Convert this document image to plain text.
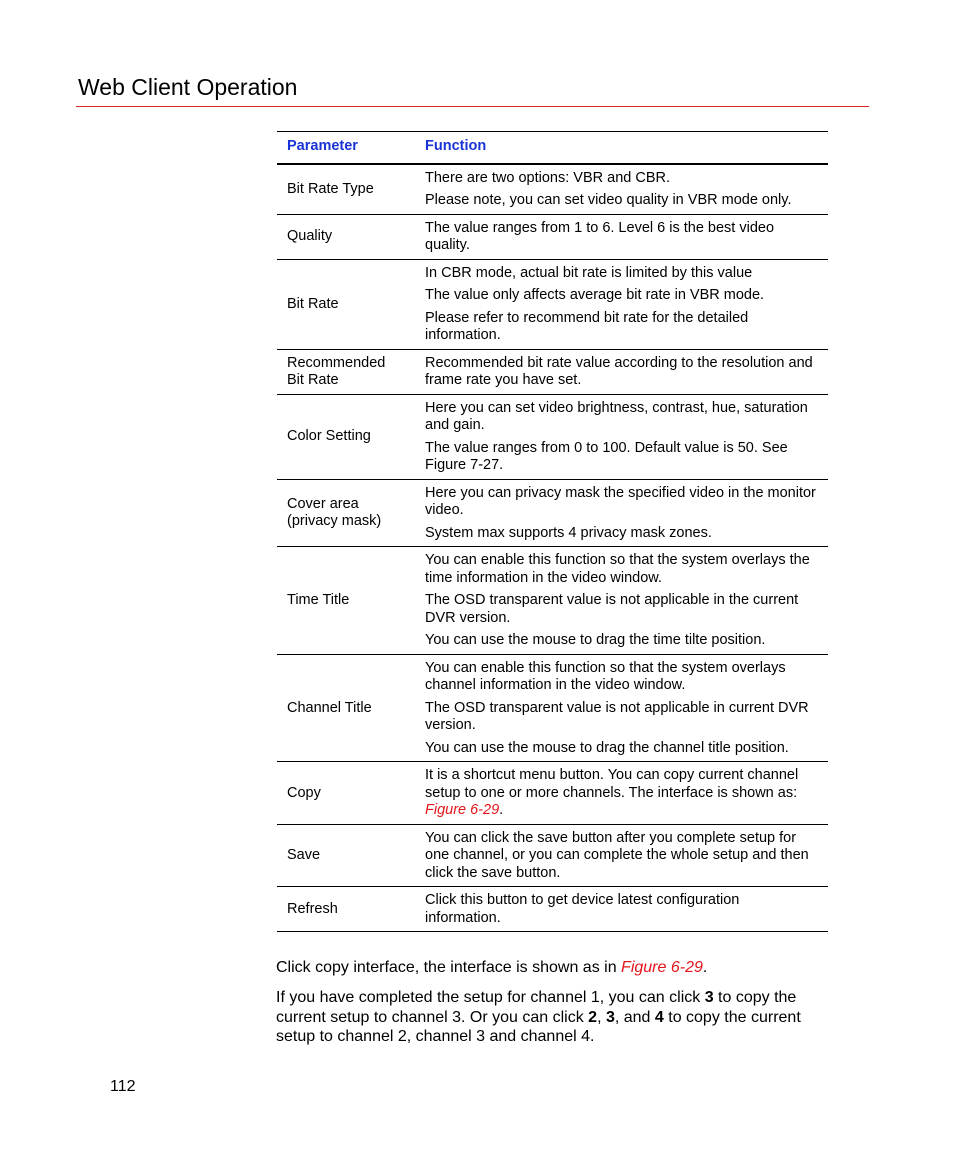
Web Client Operation
Parameter	Function
Bit Rate Type	There are two options: VBR and CBR.

Please note, you can set video quality in VBR mode only.

Quality	The value ranges from 1 to 6. Level 6 is the best video quality.

Bit Rate	In CBR mode, actual bit rate is limited by this value

The value only affects average bit rate in VBR mode.

Please refer to recommend bit rate for the detailed information.

Recommended Bit Rate	Recommended bit rate value according to the resolution and frame rate you have set.

Color Setting	Here you can set video brightness, contrast, hue, saturation and gain.

The value ranges from 0 to 100. Default value is 50. See Figure 7-27.

Cover area (privacy mask)	Here you can privacy mask the specified video in the monitor video.

System max supports 4 privacy mask zones.

Time Title	You can enable this function so that the system overlays the time information in the video window.

The OSD transparent value is not applicable in the current DVR version.

You can use the mouse to drag the time tilte position.

Channel Title	You can enable this function so that the system overlays channel information in the video window.

The OSD transparent value is not applicable in current DVR version.

You can use the mouse to drag the channel title position.

Copy	It is a shortcut menu button. You can copy current channel setup to one or more channels. The interface is shown as: Figure 6-29.

Save	You can click the save button after you complete setup for one channel, or you can complete the whole setup and then click the save button.

Refresh	Click this button to get device latest configuration information.

Click copy interface, the interface is shown as in Figure 6-29.

If you have completed the setup for channel 1, you can click 3 to copy the current setup to channel 3. Or you can click 2, 3, and 4 to copy the current setup to channel 2, channel 3 and channel 4.

112
